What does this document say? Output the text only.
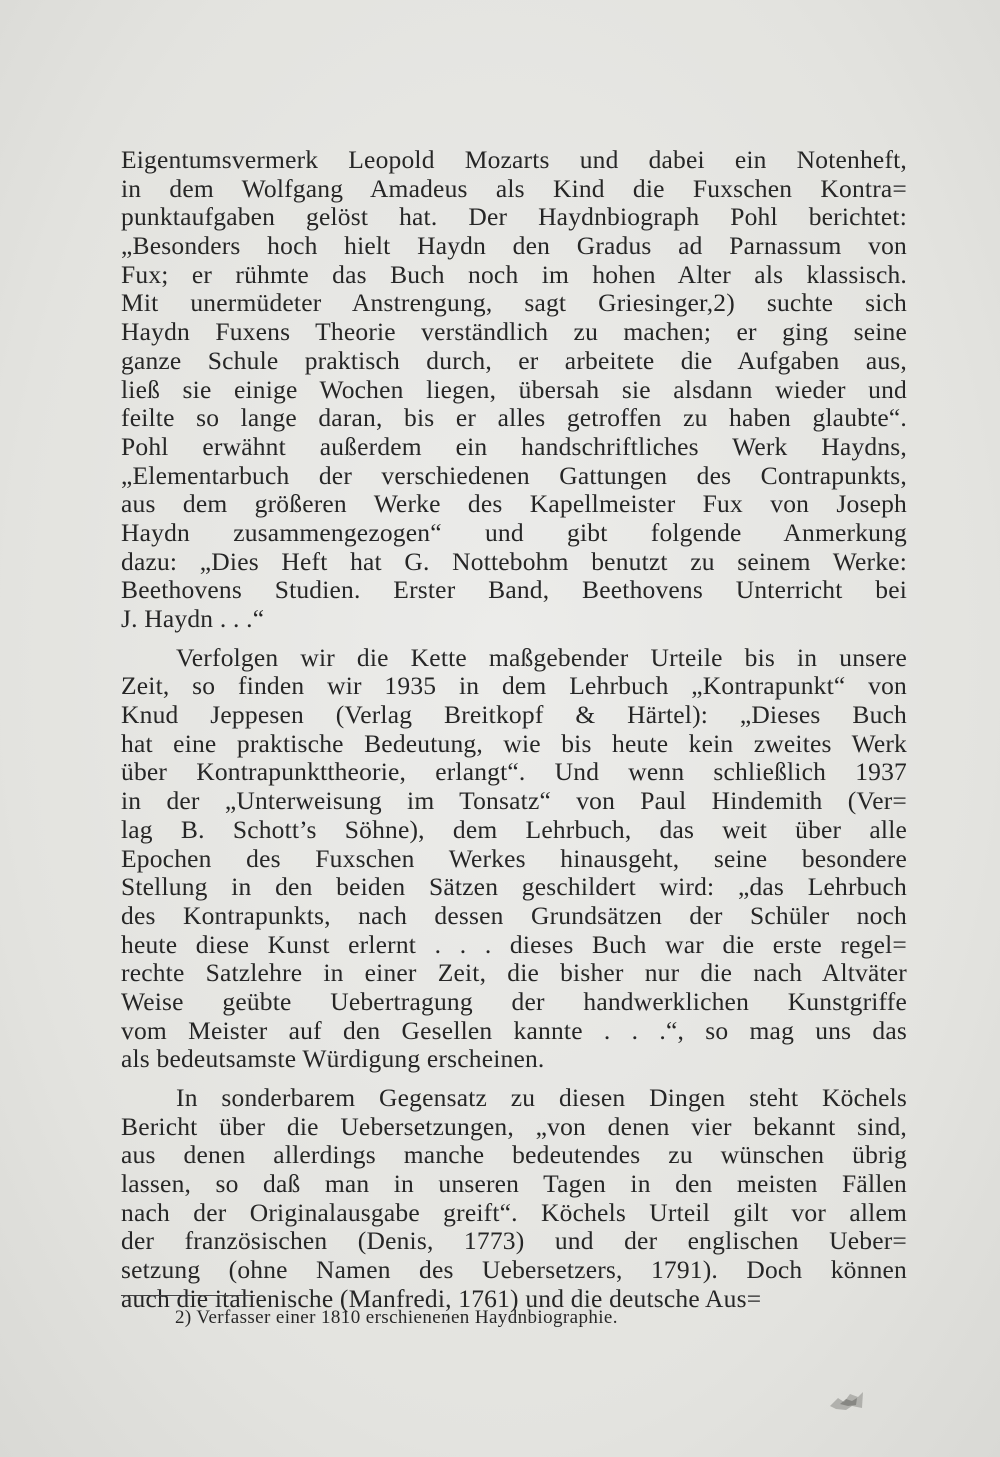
Eigentumsvermerk Leopold Mozarts und dabei ein Notenheft,
in dem Wolfgang Amadeus als Kind die Fuxschen Kontra=
punktaufgaben gelöst hat. Der Haydnbiograph Pohl berichtet:
„Besonders hoch hielt Haydn den Gradus ad Parnassum von
Fux; er rühmte das Buch noch im hohen Alter als klassisch.
Mit unermüdeter Anstrengung, sagt Griesinger,2) suchte sich
Haydn Fuxens Theorie verständlich zu machen; er ging seine
ganze Schule praktisch durch, er arbeitete die Aufgaben aus,
ließ sie einige Wochen liegen, übersah sie alsdann wieder und
feilte so lange daran, bis er alles getroffen zu haben glaubte“.
Pohl erwähnt außerdem ein handschriftliches Werk Haydns,
„Elementarbuch der verschiedenen Gattungen des Contrapunkts,
aus dem größeren Werke des Kapellmeister Fux von Joseph
Haydn zusammengezogen“ und gibt folgende Anmerkung
dazu: „Dies Heft hat G. Nottebohm benutzt zu seinem Werke:
Beethovens Studien. Erster Band, Beethovens Unterricht bei
J. Haydn . . .“
Verfolgen wir die Kette maßgebender Urteile bis in unsere
Zeit, so finden wir 1935 in dem Lehrbuch „Kontrapunkt“ von
Knud Jeppesen (Verlag Breitkopf & Härtel): „Dieses Buch
hat eine praktische Bedeutung, wie bis heute kein zweites Werk
über Kontrapunkttheorie, erlangt“. Und wenn schließlich 1937
in der „Unterweisung im Tonsatz“ von Paul Hindemith (Ver=
lag B. Schott’s Söhne), dem Lehrbuch, das weit über alle
Epochen des Fuxschen Werkes hinausgeht, seine besondere
Stellung in den beiden Sätzen geschildert wird: „das Lehrbuch
des Kontrapunkts, nach dessen Grundsätzen der Schüler noch
heute diese Kunst erlernt . . . dieses Buch war die erste regel=
rechte Satzlehre in einer Zeit, die bisher nur die nach Altväter
Weise geübte Uebertragung der handwerklichen Kunstgriffe
vom Meister auf den Gesellen kannte . . .“, so mag uns das
als bedeutsamste Würdigung erscheinen.
In sonderbarem Gegensatz zu diesen Dingen steht Köchels
Bericht über die Uebersetzungen, „von denen vier bekannt sind,
aus denen allerdings manche bedeutendes zu wünschen übrig
lassen, so daß man in unseren Tagen in den meisten Fällen
nach der Originalausgabe greift“. Köchels Urteil gilt vor allem
der französischen (Denis, 1773) und der englischen Ueber=
setzung (ohne Namen des Uebersetzers, 1791). Doch können
auch die italienische (Manfredi, 1761) und die deutsche Aus=
2) Verfasser einer 1810 erschienenen Haydnbiographie.
